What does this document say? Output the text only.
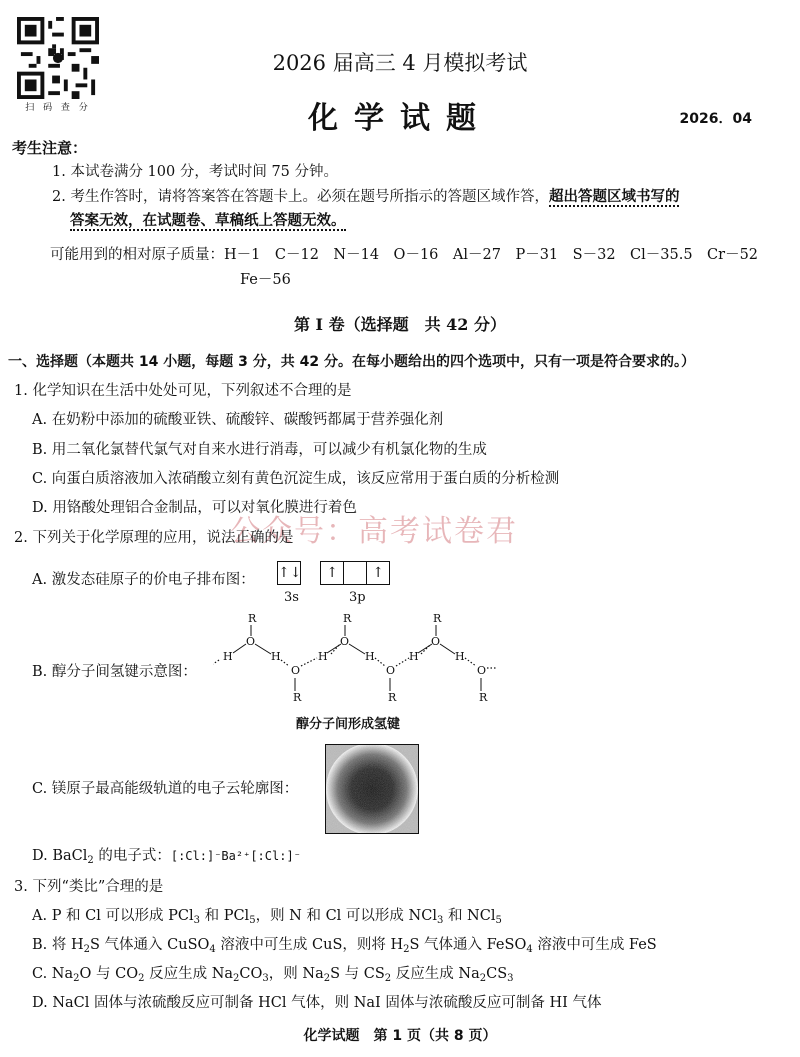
扫 码 查 分
2026 届高三 4 月模拟考试
化学试题	2026．04
考生注意：
1. 本试卷满分 100 分，考试时间 75 分钟。
2. 考生作答时，请将答案答在答题卡上。必须在题号所指示的答题区域作答，超出答题区域书写的
答案无效，在试题卷、草稿纸上答题无效。
可能用到的相对原子质量：H－1　C－12　N－14　O－16　Al－27　P－31　S－32　Cl－35.5　Cr－52
Fe－56
第 I 卷（选择题　共 42 分）
一、选择题（本题共 14 小题，每题 3 分，共 42 分。在每小题给出的四个选项中，只有一项是符合要求的。）
1. 化学知识在生活中处处可见，下列叙述不合理的是
A. 在奶粉中添加的硫酸亚铁、硫酸锌、碳酸钙都属于营养强化剂
B. 用二氧化氯替代氯气对自来水进行消毒，可以减少有机氯化物的生成
C. 向蛋白质溶液加入浓硝酸立刻有黄色沉淀生成，该反应常用于蛋白质的分析检测
D. 用铬酸处理铝合金制品，可以对氧化膜进行着色
公众号：高考试卷君
2. 下列关于化学原理的应用，说法正确的是
A. 激发态硅原子的价电子排布图： ↑↓ ↑ ↑
3s	3p
B. 醇分子间氢键示意图：
R
O
H	H
O
R
R
O
H	H
O
R
R
O
H	H
O
R
醇分子间形成氢键
C. 镁原子最高能级轨道的电子云轮廓图：
D. BaCl$_2$ 的电子式：[:Cl:]⁻Ba²⁺[:Cl:]⁻
3. 下列“类比”合理的是
A. P 和 Cl 可以形成 PCl$_3$ 和 PCl$_5$，则 N 和 Cl 可以形成 NCl$_3$ 和 NCl$_5$
B. 将 $H_2S$ 气体通入 CuSO$_4$ 溶液中可生成 CuS，则将 $H_2S$ 气体通入 FeSO$_4$ 溶液中可生成 FeS
C. $Na_2O$ 与 $CO_2$ 反应生成 $Na_2CO_3$，则 $Na_2S$ 与 $CS_2$ 反应生成 $Na_2CS_3$
D. NaCl 固体与浓硫酸反应可制备 HCl 气体，则 NaI 固体与浓硫酸反应可制备 HI 气体
化学试题　第 1 页（共 8 页）
